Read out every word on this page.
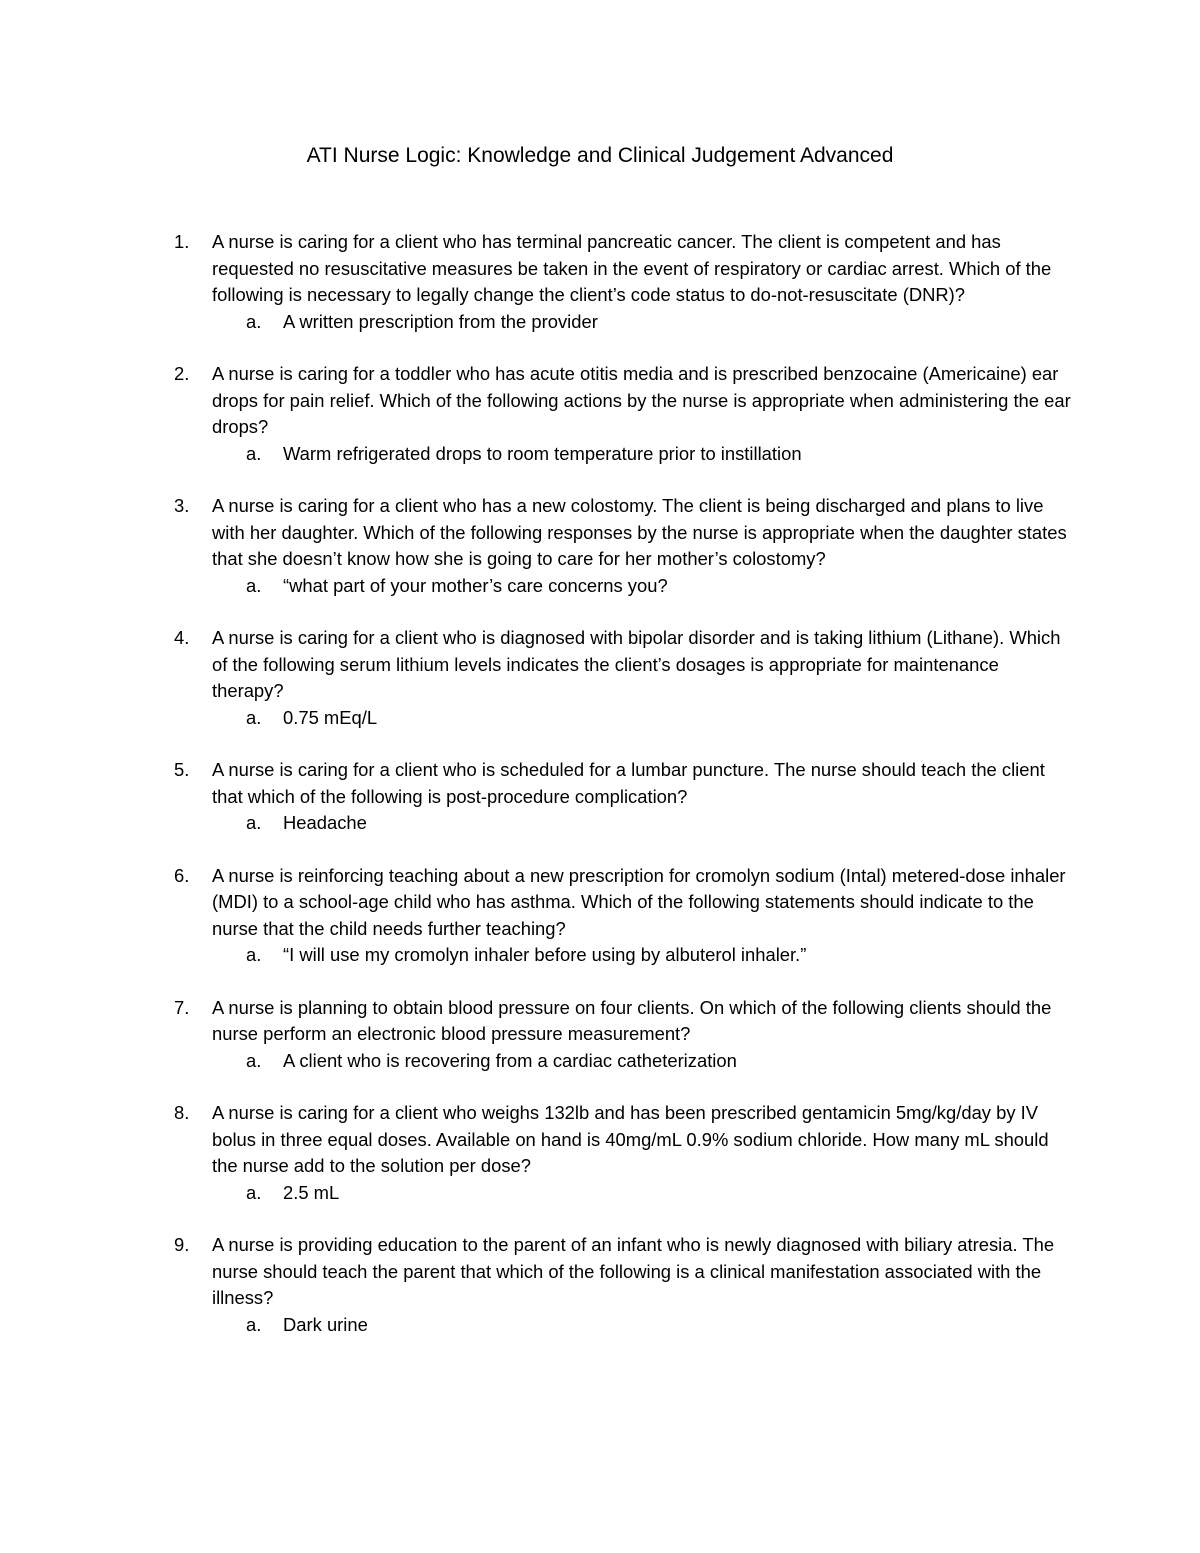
ATI Nurse Logic: Knowledge and Clinical Judgement Advanced
1.	A nurse is caring for a client who has terminal pancreatic cancer. The client is competent and has requested no resuscitative measures be taken in the event of respiratory or cardiac arrest. Which of the following is necessary to legally change the client’s code status to do-not-resuscitate (DNR)?

a. A written prescription from the provider

2.	A nurse is caring for a toddler who has acute otitis media and is prescribed benzocaine (Americaine) ear drops for pain relief. Which of the following actions by the nurse is appropriate when administering the ear drops?

a. Warm refrigerated drops to room temperature prior to instillation

3.	A nurse is caring for a client who has a new colostomy. The client is being discharged and plans to live with her daughter. Which of the following responses by the nurse is appropriate when the daughter states that she doesn’t know how she is going to care for her mother’s colostomy?

a. “what part of your mother’s care concerns you?

4.	A nurse is caring for a client who is diagnosed with bipolar disorder and is taking lithium (Lithane). Which of the following serum lithium levels indicates the client’s dosages is appropriate for maintenance therapy?

a. 0.75 mEq/L

5.	A nurse is caring for a client who is scheduled for a lumbar puncture. The nurse should teach the client that which of the following is post-procedure complication?

a. Headache

6.	A nurse is reinforcing teaching about a new prescription for cromolyn sodium (Intal) metered-dose inhaler (MDI) to a school-age child who has asthma. Which of the following statements should indicate to the nurse that the child needs further teaching?

a. “I will use my cromolyn inhaler before using by albuterol inhaler.”

7.	A nurse is planning to obtain blood pressure on four clients. On which of the following clients should the nurse perform an electronic blood pressure measurement?

a. A client who is recovering from a cardiac catheterization

8.	A nurse is caring for a client who weighs 132lb and has been prescribed gentamicin 5mg/kg/day by IV bolus in three equal doses. Available on hand is 40mg/mL 0.9% sodium chloride. How many mL should the nurse add to the solution per dose?

a. 2.5 mL

9.	A nurse is providing education to the parent of an infant who is newly diagnosed with biliary atresia. The nurse should teach the parent that which of the following is a clinical manifestation associated with the illness?

a. Dark urine
